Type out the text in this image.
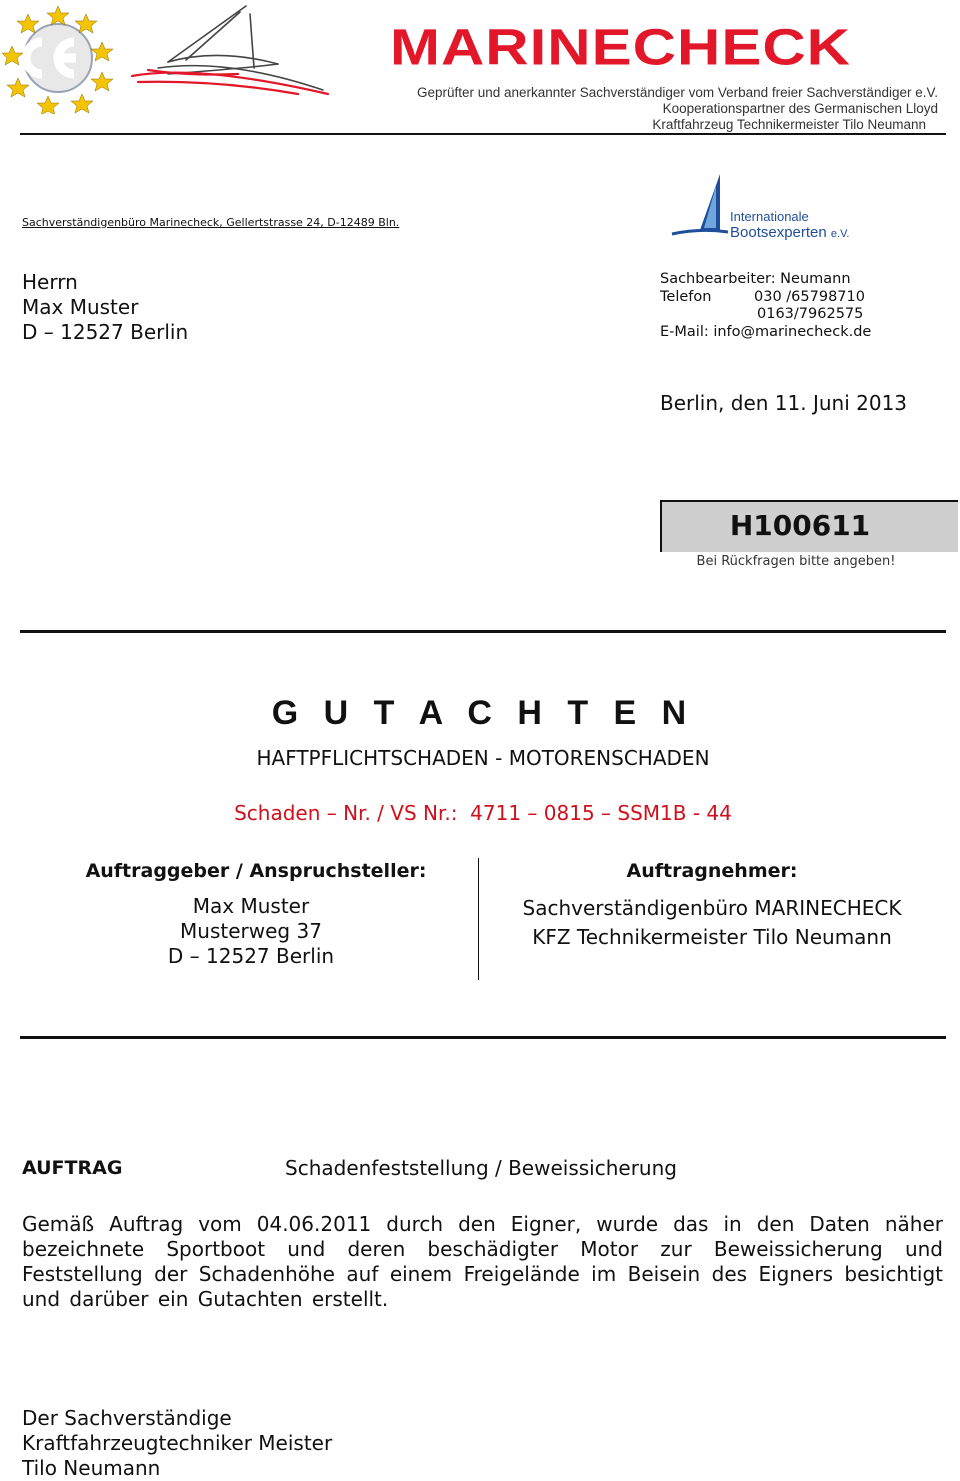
MARINECHECK
Geprüfter und anerkannter Sachverständiger vom Verband freier Sachverständiger e.V.
Kooperationspartner des Germanischen Lloyd
Kraftfahrzeug Technikermeister Tilo Neumann
Internationale
Bootsexperten e.V.
Sachverständigenbüro Marinecheck, Gellertstrasse 24, D-12489 Bln.
Herrn
Max Muster
D – 12527 Berlin
Sachbearbeiter: Neumann
Telefon	030 /65798710
0163/7962575
E-Mail: info@marinecheck.de
Berlin, den 11. Juni 2013
H100611
Bei Rückfragen bitte angeben!
G U T A C H T E N
HAFTPFLICHTSCHADEN - MOTORENSCHADEN
Schaden – Nr. / VS Nr.:  4711 – 0815 – SSM1B - 44
Auftraggeber / Anspruchsteller:
Max Muster
Musterweg 37
D – 12527 Berlin
Auftragnehmer:
Sachverständigenbüro MARINECHECK
KFZ Technikermeister Tilo Neumann
AUFTRAG	Schadenfeststellung / Beweissicherung
Gemäß Auftrag vom 04.06.2011 durch den Eigner, wurde das in den Daten näher bezeichnete Sportboot und deren beschädigter Motor zur Beweissicherung und Feststellung der Schadenhöhe auf einem Freigelände im Beisein des Eigners besichtigt und darüber ein Gutachten erstellt.
Der Sachverständige
Kraftfahrzeugtechniker Meister
Tilo Neumann
